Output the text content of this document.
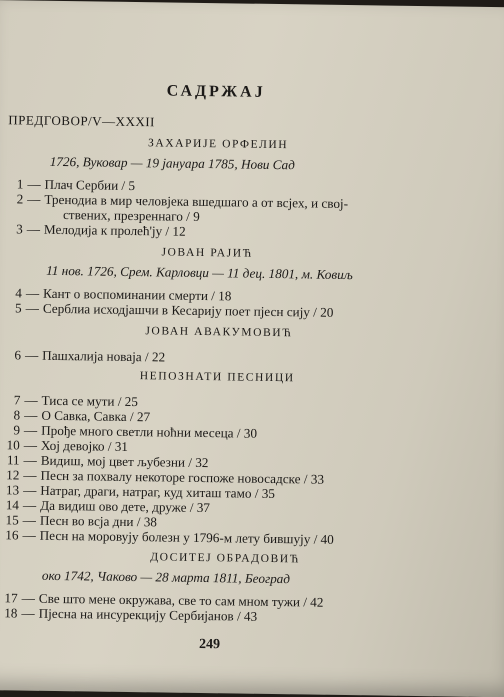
САДРЖАЈ
ПРЕДГОВОР/V—XXXII
ЗАХАРИЈЕ ОРФЕЛИН
1726, Вуковар — 19 јануара 1785, Нови Сад
1 — Плач Сербии / 5
2 — Тренодиа в мир человјека вшедшаго а от всјех, и свој-
ствених, презреннаго / 9
3 — Мелодија к пролећ'ју / 12
ЈОВАН РАЈИЋ
11 нов. 1726, Срем. Карловци — 11 дец. 1801, м. Ковиљ
4 — Кант о воспоминании смерти / 18
5 — Серблиа исходјашчи в Кесарију поет пјесн сију / 20
ЈОВАН АВАКУМОВИЋ
6 — Пашхалија новаја / 22
НЕПОЗНАТИ ПЕСНИЦИ
7 — Тиса се мути / 25
8 — О Савка, Савка / 27
9 — Прође много светли ноћни месеца / 30
10 — Хој девојко / 31
11 — Видиш, мој цвет љубезни / 32
12 — Песн за похвалу некоторе госпоже новосадске / 33
13 — Натраг, драги, натраг, куд хиташ тамо / 35
14 — Да видиш ово дете, друже / 37
15 — Песн во всја дни / 38
16 — Песн на моровују болезн у 1796-м лету бившују / 40
ДОСИТЕЈ ОБРАДОВИЋ
око 1742, Чаково — 28 марта 1811, Београд
17 — Све што мене окружава, све то сам мном тужи / 42
18 — Пјесна на инсурекцију Сербијанов / 43
249
